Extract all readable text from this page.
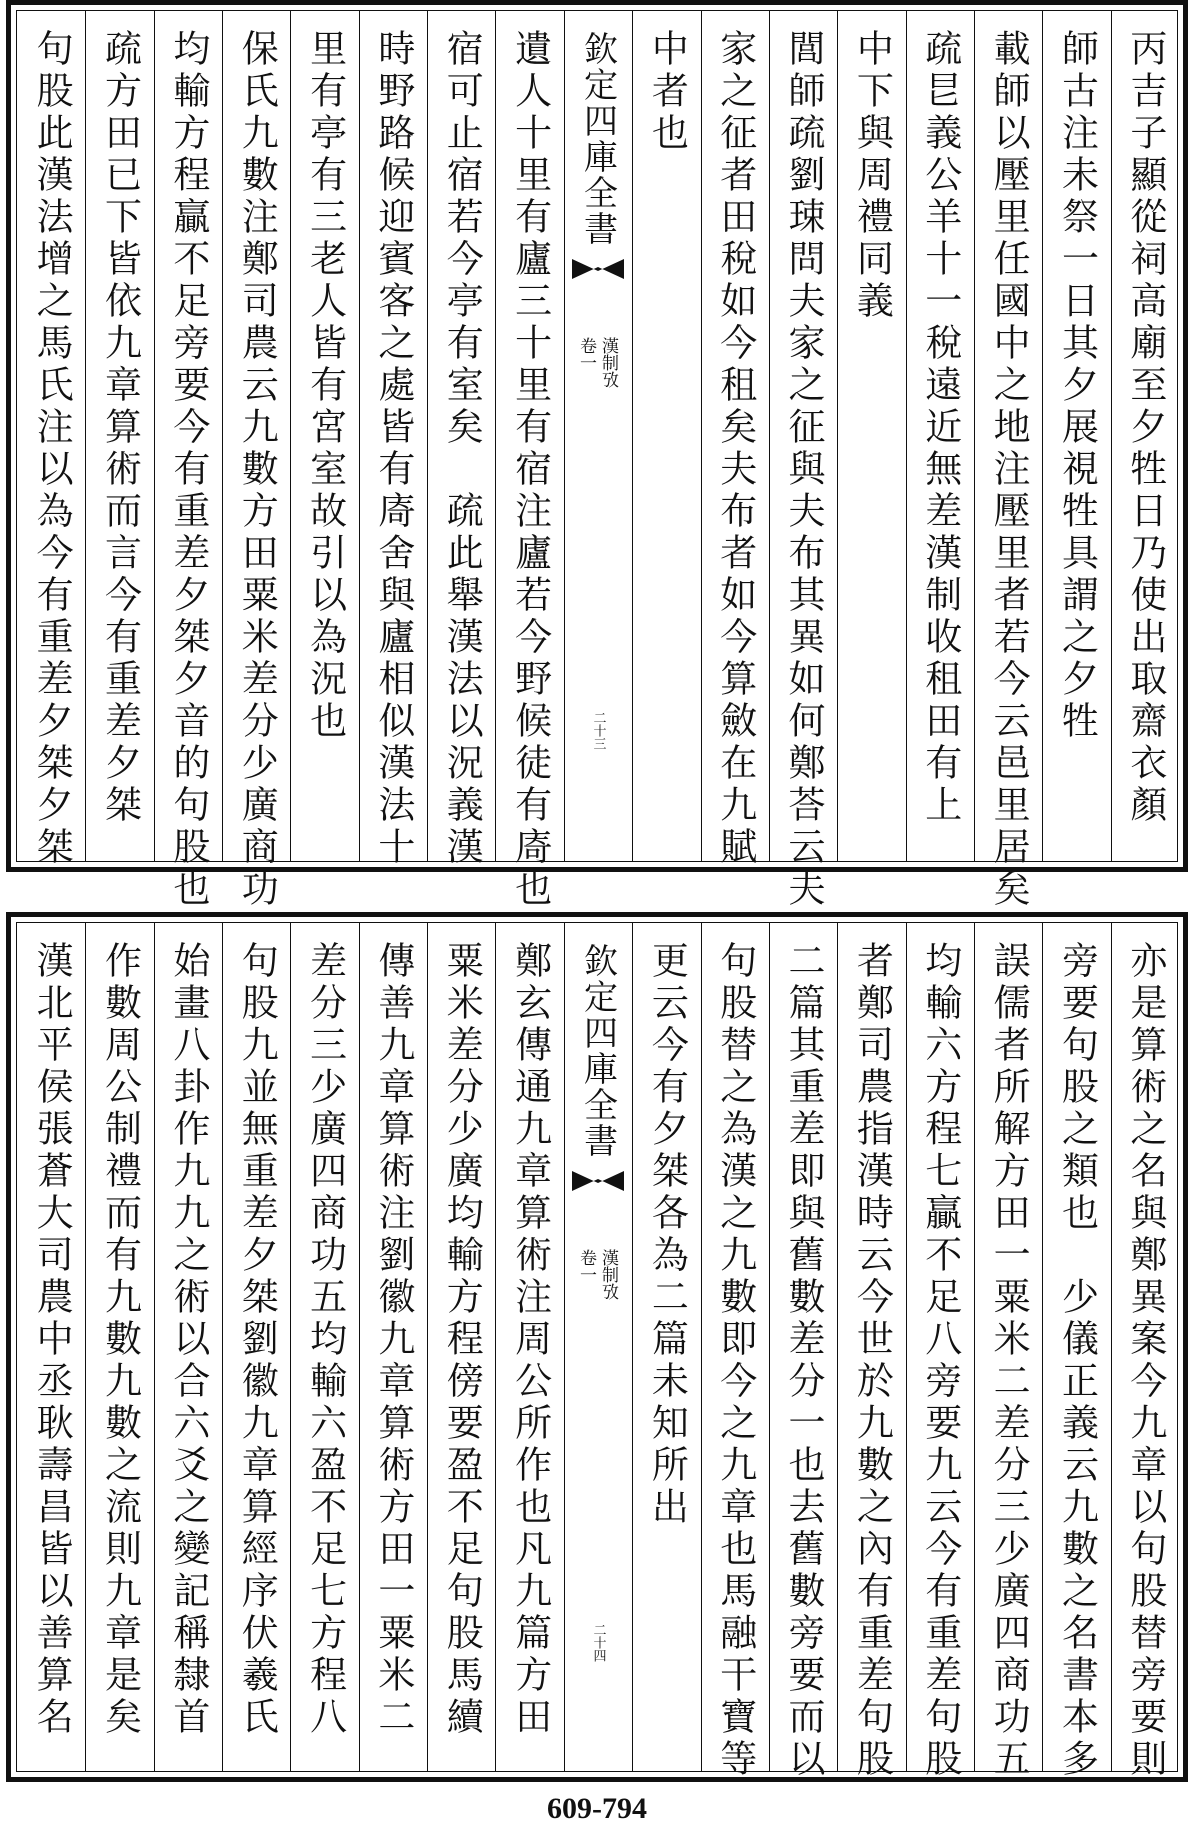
丙吉子顯從祠高廟至夕牲日乃使出取齋衣顏
師古注未祭一日其夕展視牲具謂之夕牲
載師以壓里任國中之地注壓里者若今云邑里居矣
疏㫐義公羊十一稅遠近無差漢制收租田有上
中下與周禮同義
閭師疏劉㻋問夫家之征與夫布其異如何鄭荅云夫
家之征者田稅如今租矣夫布者如今算斂在九賦
中者也
欽定四庫全書
漢制攷
卷一
二十三
遺人十里有廬三十里有宿注廬若今野候徒有㢊也
宿可止宿若今亭有室矣　疏此舉漢法以況義漢
時野路候迎賓客之處皆有㢊舍與廬相似漢法十
里有亭有三老人皆有宮室故引以為況也
保氏九數注鄭司農云九數方田粟米差分少廣商功
均輸方程贏不足旁要今有重差夕桀夕音的句股也
疏方田已下皆依九章算術而言今有重差夕桀
句股此漢法增之馬氏注以為今有重差夕桀夕桀
亦是算術之名與鄭異案今九章以句股替旁要則
旁要句股之類也　少儀正義云九數之名書本多
誤儒者所解方田一粟米二差分三少廣四商功五
均輸六方程七贏不足八旁要九云今有重差句股
者鄭司農指漢時云今世於九數之內有重差句股
二篇其重差即與舊數差分一也去舊數旁要而以
句股替之為漢之九數即今之九章也馬融干寶等
更云今有夕桀各為二篇未知所出
欽定四庫全書
漢制攷
卷一
二十四
鄭玄傳通九章算術注周公所作也凡九篇方田
粟米差分少廣均輸方程傍要盈不足句股馬續
傳善九章算術注劉徽九章算術方田一粟米二
差分三少廣四商功五均輸六盈不足七方程八
句股九並無重差夕桀劉徽九章算經序伏羲氏
始畫八卦作九九之術以合六爻之變記稱隸首
作數周公制禮而有九數九數之流則九章是矣
漢北平侯張蒼大司農中丞耿壽昌皆以善算名
609-794
